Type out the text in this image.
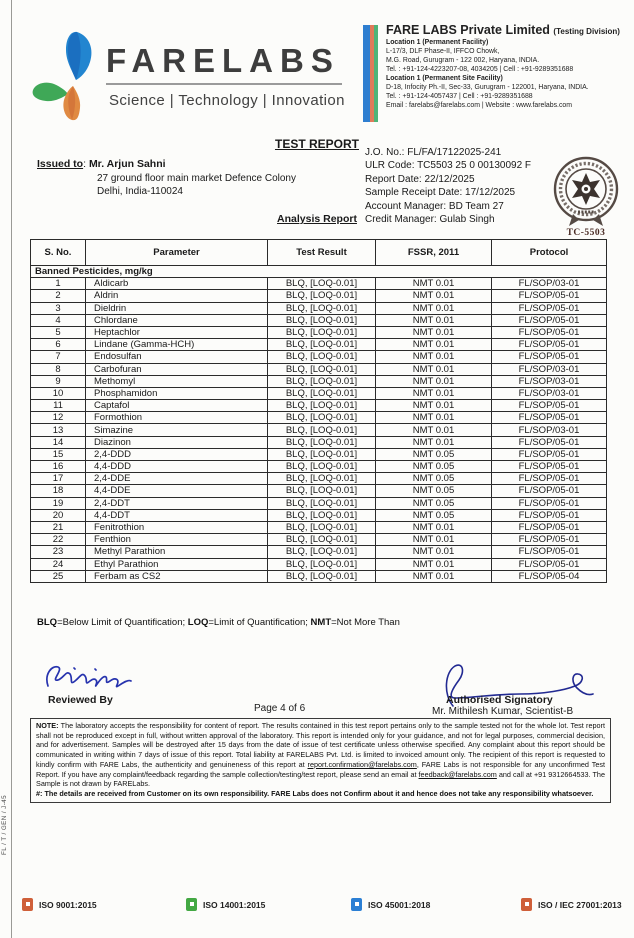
FARELABS
Science | Technology | Innovation
FARE LABS Private Limited (Testing Division)
Location 1 (Permanent Facility)
L-17/3, DLF Phase-II, IFFCO Chowk,
M.G. Road, Gurugram - 122 002, Haryana, INDIA.
Tel. : +91-124-4223207-08, 4034205 | Cell : +91-9289351688
Location 1 (Permanent Site Facility)
D-18, Infocity Ph.-II, Sec-33, Gurugram - 122001, Haryana, INDIA.
Tel. : +91-124-4057437 | Cell : +91-9289351688
Email : farelabs@farelabs.com | Website : www.farelabs.com
TEST REPORT
Issued to: Mr. Arjun Sahni
27 ground floor main market Defence Colony
Delhi, India-110024
J.O. No.: FL/FA/17122025-241
ULR Code: TC5503 25 0 00130092 F
Report Date: 22/12/2025
Sample Receipt Date: 17/12/2025
Account Manager: BD Team 27
Credit Manager: Gulab Singh
TC-5503
Analysis Report
S. No.	Parameter	Test Result	FSSR, 2011	Protocol
Banned Pesticides, mg/kg				
1	Aldicarb	BLQ, [LOQ-0.01]	NMT 0.01	FL/SOP/03-01
2	Aldrin	BLQ, [LOQ-0.01]	NMT 0.01	FL/SOP/05-01
3	Dieldrin	BLQ, [LOQ-0.01]	NMT 0.01	FL/SOP/05-01
4	Chlordane	BLQ, [LOQ-0.01]	NMT 0.01	FL/SOP/05-01
5	Heptachlor	BLQ, [LOQ-0.01]	NMT 0.01	FL/SOP/05-01
6	Lindane (Gamma-HCH)	BLQ, [LOQ-0.01]	NMT 0.01	FL/SOP/05-01
7	Endosulfan	BLQ, [LOQ-0.01]	NMT 0.01	FL/SOP/05-01
8	Carbofuran	BLQ, [LOQ-0.01]	NMT 0.01	FL/SOP/03-01
9	Methomyl	BLQ, [LOQ-0.01]	NMT 0.01	FL/SOP/03-01
10	Phosphamidon	BLQ, [LOQ-0.01]	NMT 0.01	FL/SOP/03-01
11	Captafol	BLQ, [LOQ-0.01]	NMT 0.01	FL/SOP/05-01
12	Formothion	BLQ, [LOQ-0.01]	NMT 0.01	FL/SOP/05-01
13	Simazine	BLQ, [LOQ-0.01]	NMT 0.01	FL/SOP/03-01
14	Diazinon	BLQ, [LOQ-0.01]	NMT 0.01	FL/SOP/05-01
15	2,4-DDD	BLQ, [LOQ-0.01]	NMT 0.05	FL/SOP/05-01
16	4,4-DDD	BLQ, [LOQ-0.01]	NMT 0.05	FL/SOP/05-01
17	2,4-DDE	BLQ, [LOQ-0.01]	NMT 0.05	FL/SOP/05-01
18	4,4-DDE	BLQ, [LOQ-0.01]	NMT 0.05	FL/SOP/05-01
19	2,4-DDT	BLQ, [LOQ-0.01]	NMT 0.05	FL/SOP/05-01
20	4,4-DDT	BLQ, [LOQ-0.01]	NMT 0.05	FL/SOP/05-01
21	Fenitrothion	BLQ, [LOQ-0.01]	NMT 0.01	FL/SOP/05-01
22	Fenthion	BLQ, [LOQ-0.01]	NMT 0.01	FL/SOP/05-01
23	Methyl Parathion	BLQ, [LOQ-0.01]	NMT 0.01	FL/SOP/05-01
24	Ethyl Parathion	BLQ, [LOQ-0.01]	NMT 0.01	FL/SOP/05-01
25	Ferbam as CS2	BLQ, [LOQ-0.01]	NMT 0.01	FL/SOP/05-04
BLQ=Below Limit of Quantification; LOQ=Limit of Quantification; NMT=Not More Than
Reviewed By
Page 4 of 6
Authorised Signatory
Mr. Mithilesh Kumar, Scientist-B
NOTE: The laboratory accepts the responsibility for content of report. The results contained in this test report pertains only to the sample tested not for the whole lot. Test report shall not be reproduced except in full, without written approval of the laboratory. This report is intended only for your guidance, and not for legal purposes, commercial decision, and for advertisement. Samples will be destroyed after 15 days from the date of issue of test certificate unless otherwise specified. Any complaint about this report should be communicated in writing within 7 days of issue of this report. Total liability at FARELABS Pvt. Ltd. is limited to invoiced amount only. The recipient of this report is requested to kindly confirm with FARE Labs, the authenticity and genuineness of this report at report.confirmation@farelabs.com, FARE Labs is not responsible for any unconfirmed Test Report. If you have any complaint/feedback regarding the sample collection/testing/test report, please send an email at feedback@farelabs.com and call at +91 9312664533. The Sample is not drawn by FARELabs.
#: The details are received from Customer on its own responsibility. FARE Labs does not Confirm about it and hence does not take any responsibility whatsoever.
FL / T / GEN / J-45
ISO 9001:2015	ISO 14001:2015	ISO 45001:2018	ISO / IEC 27001:2013
